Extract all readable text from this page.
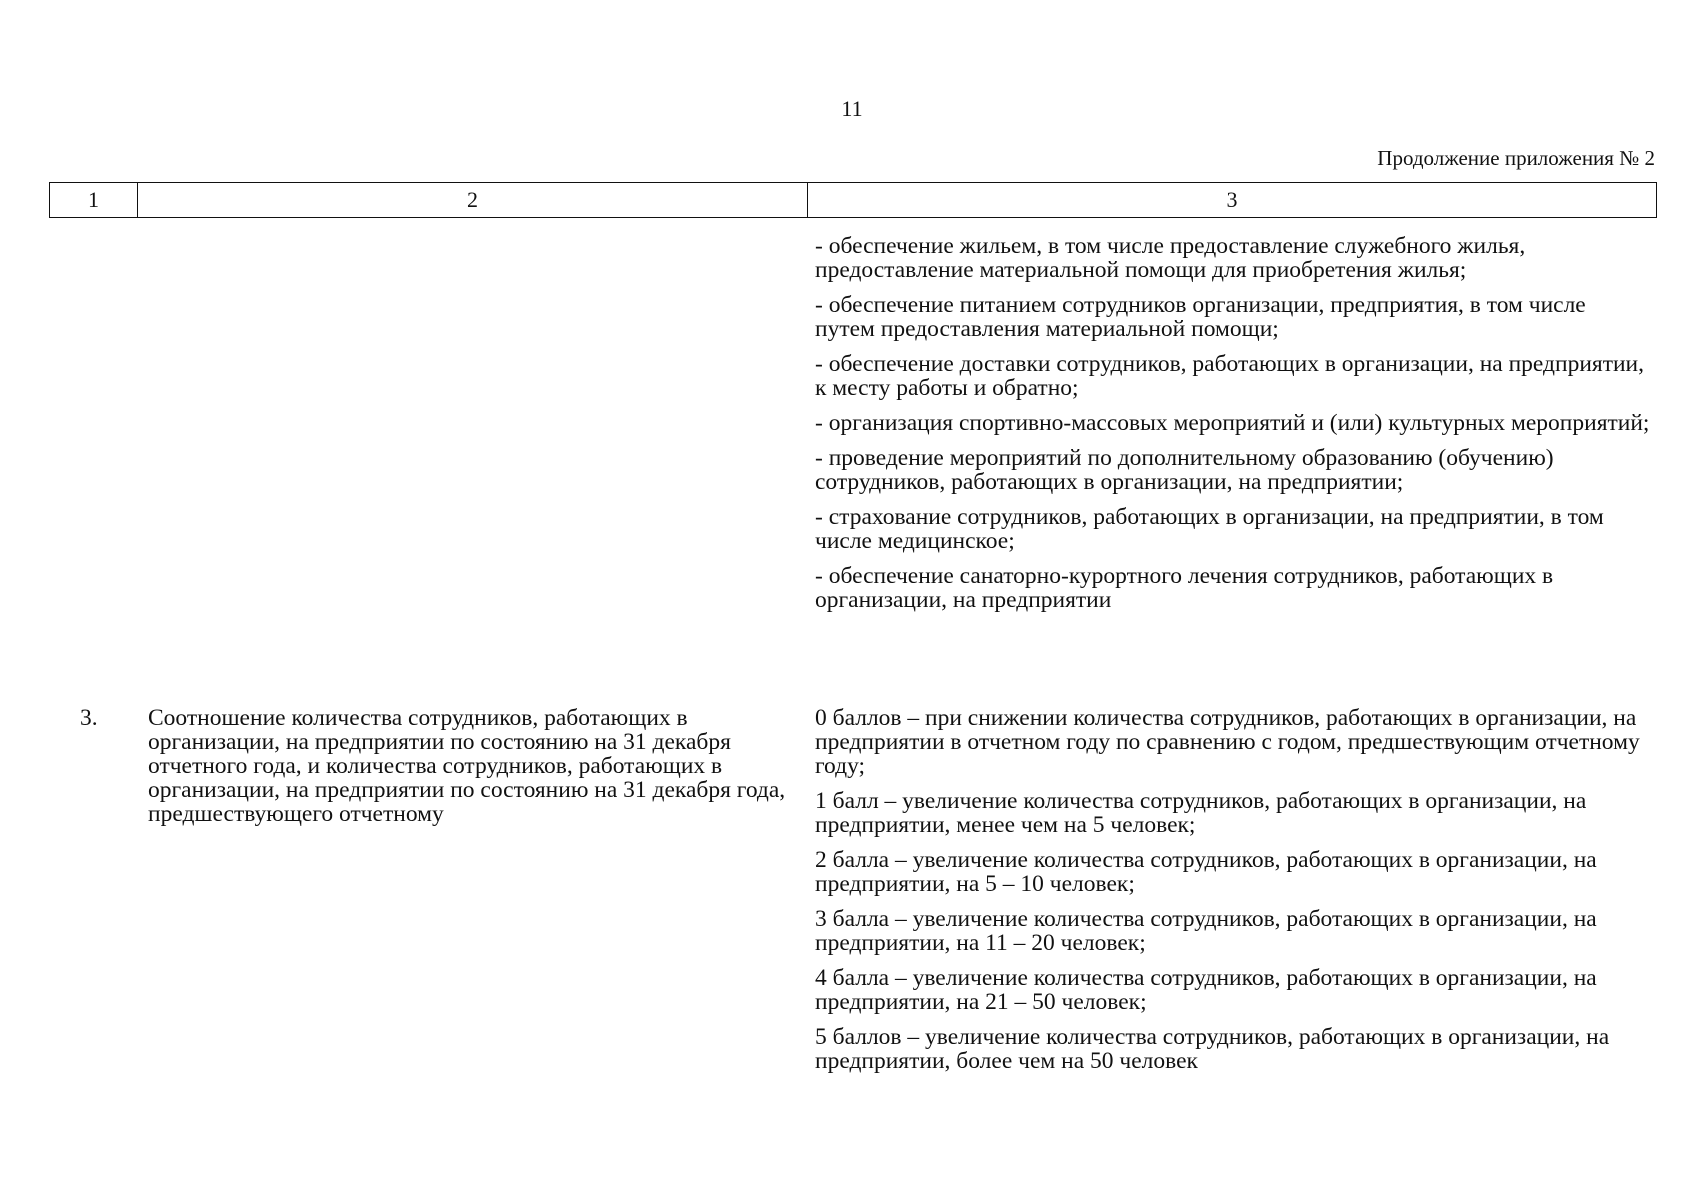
11
Продолжение приложения № 2
1	2	3

- обеспечение жильем, в том числе предоставление служебного жилья, предоставление материальной помощи для приобретения жилья;

- обеспечение питанием сотрудников организации, предприятия, в том числе путем предоставления материальной помощи;

- обеспечение доставки сотрудников, работающих в организации, на предприятии, к месту работы и обратно;

- организация спортивно-массовых мероприятий и (или) культурных мероприятий;

- проведение мероприятий по дополнительному образованию (обучению) сотрудников, работающих в организации, на предприятии;

- страхование сотрудников, работающих в организации, на предприятии, в том числе медицинское;

- обеспечение санаторно-курортного лечения сотрудников, работающих в организации, на предприятии

3. Соотношение количества сотрудников, работающих в организации, на предприятии по состоянию на 31 декабря отчетного года, и количества сотрудников, работающих в организации, на предприятии по состоянию на 31 декабря года, предшествующего отчетному

0 баллов – при снижении количества сотрудников, работающих в организации, на предприятии в отчетном году по сравнению с годом, предшествующим отчетному году;

1 балл – увеличение количества сотрудников, работающих в организации, на предприятии, менее чем на 5 человек;

2 балла – увеличение количества сотрудников, работающих в организации, на предприятии, на 5 – 10 человек;

3 балла – увеличение количества сотрудников, работающих в организации, на предприятии, на 11 – 20 человек;

4 балла – увеличение количества сотрудников, работающих в организации, на предприятии, на 21 – 50 человек;

5 баллов – увеличение количества сотрудников, работающих в организации, на предприятии, более чем на 50 человек
